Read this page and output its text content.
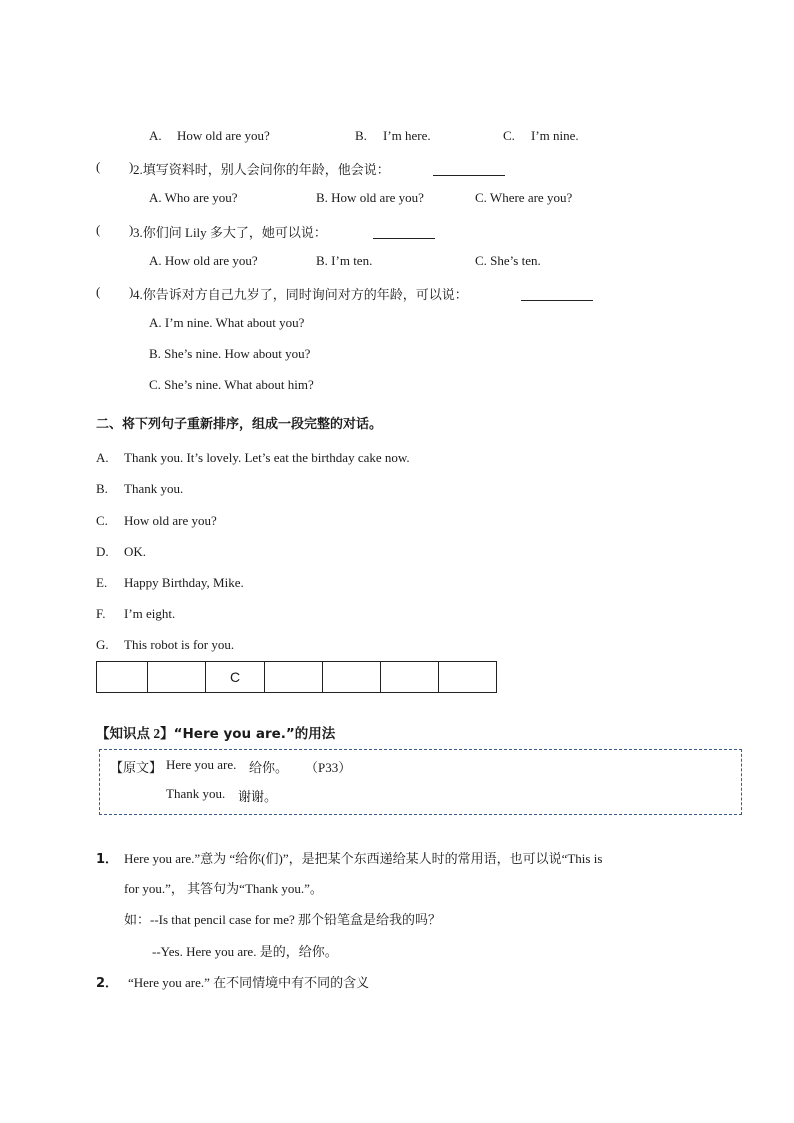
A. How old are you?	B. I’m here.	C. I’m nine.
( ) 2.填写资料时，别人会问你的年龄，他会说：
A. Who are you?	B. How old are you?	C. Where are you?
( ) 3.你们问 Lily 多大了，她可以说：
A. How old are you?	B. I’m ten.	C. She’s ten.
( ) 4.你告诉对方自己九岁了，同时询问对方的年龄，可以说：
A. I’m nine. What about you?
B. She’s nine. How about you?
C. She’s nine. What about him?
二、将下列句子重新排序，组成一段完整的对话。
A. Thank you. It’s lovely. Let’s eat the birthday cake now.
B. Thank you.
C. How old are you?
D. OK.
E. Happy Birthday, Mike.
F. I’m eight.
G. This robot is for you.
		C				
【知识点 2】“Here you are.”的用法
【原文】 Here you are. 给你。 （P33）
Thank you. 谢谢。
1． Here you are.”意为 “给你(们)”，是把某个东西递给某人时的常用语，也可以说“This is
for you.”， 其答句为“Thank you.”。
如：--Is that pencil case for me? 那个铅笔盒是给我的吗？
--Yes. Here you are. 是的，给你。
2． “Here you are.” 在不同情境中有不同的含义
